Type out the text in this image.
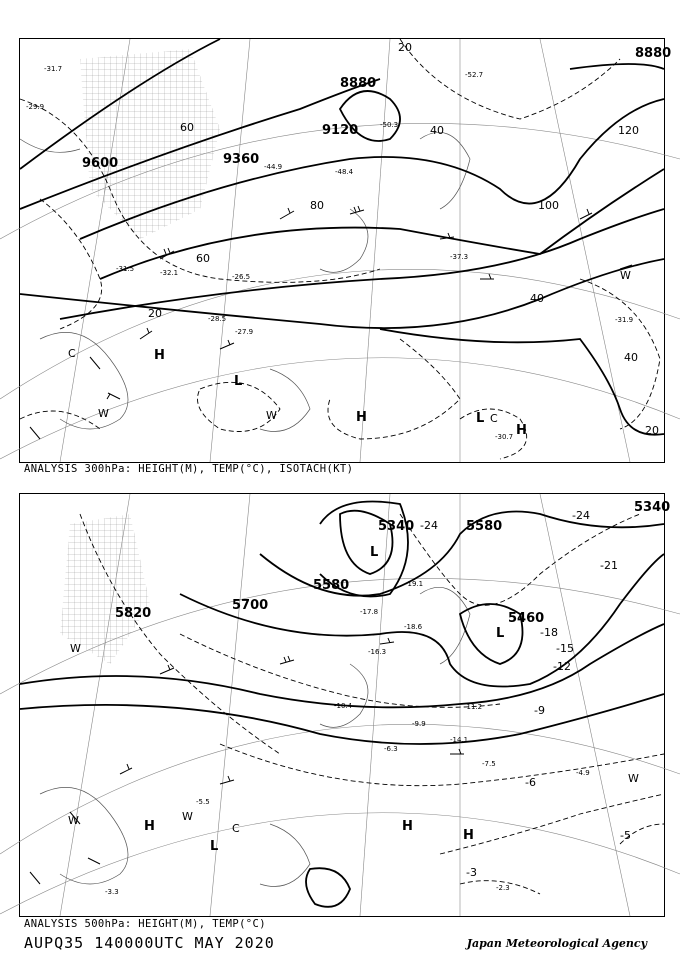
8880
8880
9120
9360
9600
20
40
60
80	100
120
60
40
20
40
20
-31.7
-29.9
-31.5	-32.1	-26.5
-28.5	-31.9
-30.7
-27.9
-37.3
-48.4
-50.3
-52.7
-44.9
H
H
H
L
L
C
C
W	W
W
ANALYSIS 300hPa: HEIGHT(M), TEMP(°C), ISOTACH(KT)
5340
5580
5340
5460
5580
5700
5820
-24
-21
-18
-15
-12
-9
-6
-3
-24
-5
-19.1
-17.8
-18.6
-16.3
-7.5
-6.3
-4.9
-2.3
-10.4
-5.5
-3.3
-9.9
-11.2
-14.1
H	H
H
L
L
L
C
W
W
W
W
ANALYSIS 500hPa: HEIGHT(M), TEMP(°C)
AUPQ35 140000UTC MAY 2020	Japan Meteorological Agency
